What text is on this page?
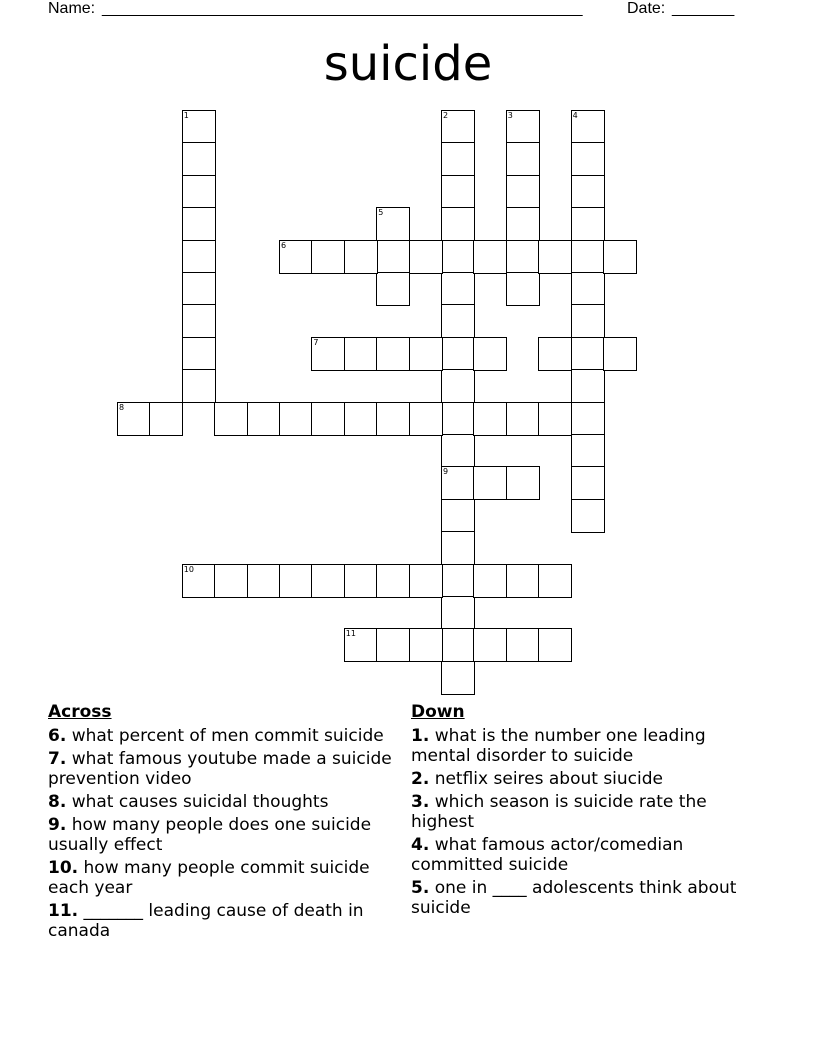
Name: ______________________________________________________	Date: _______
suicide
1	2
9
3	4
5
6
7
8
10
11
Across
6. what percent of men commit suicide
7. what famous youtube made a suicide prevention video
8. what causes suicidal thoughts
9. how many people does one suicide usually effect
10. how many people commit suicide each year
11. _______ leading cause of death in canada
Down
1. what is the number one leading mental disorder to suicide
2. netflix seires about siucide
3. which season is suicide rate the highest
4. what famous actor/comedian committed suicide
5. one in ____ adolescents think about suicide
